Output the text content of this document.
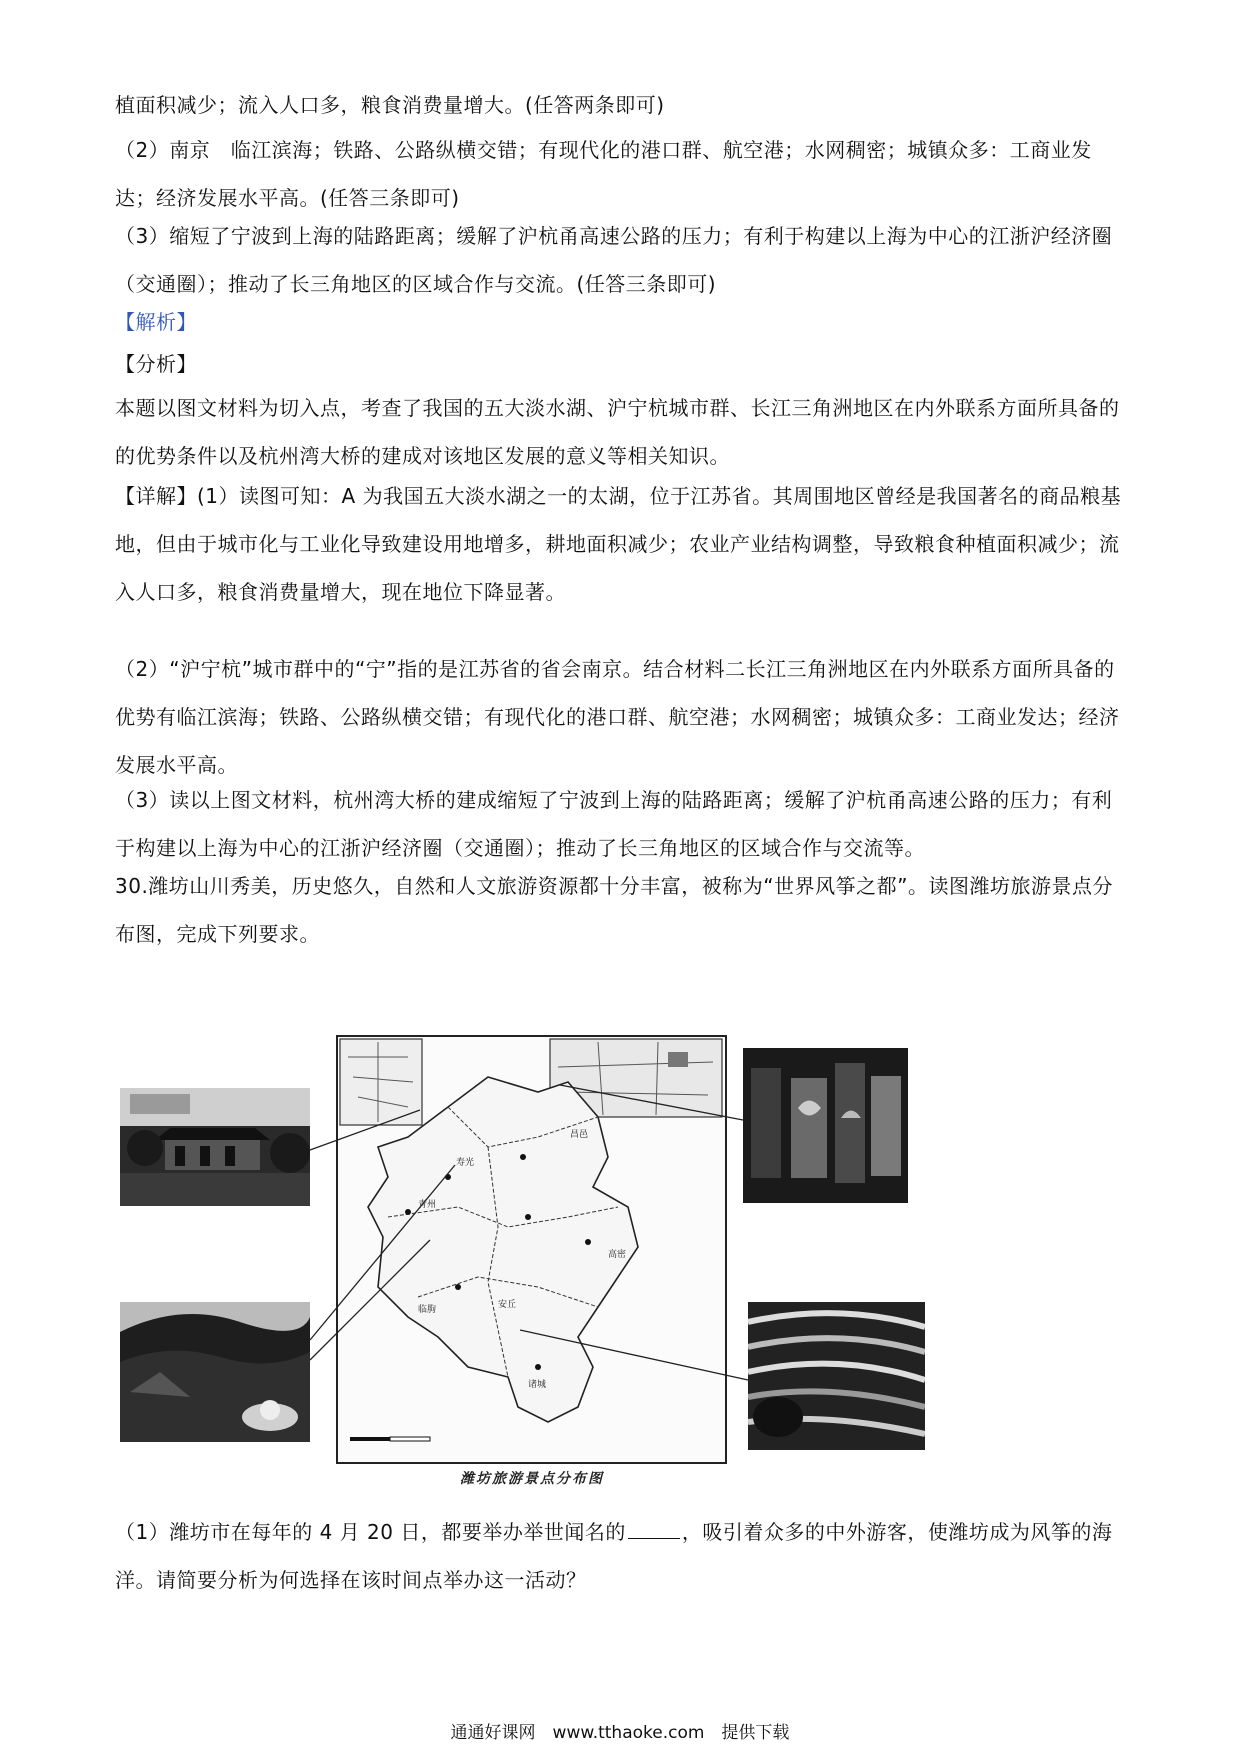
植面积减少；流入人口多，粮食消费量增大。(任答两条即可)
（2）南京　临江滨海；铁路、公路纵横交错；有现代化的港口群、航空港；水网稠密；城镇众多：工商业发达；经济发展水平高。(任答三条即可)
（3）缩短了宁波到上海的陆路距离；缓解了沪杭甬高速公路的压力；有利于构建以上海为中心的江浙沪经济圈（交通圈）；推动了长三角地区的区域合作与交流。(任答三条即可)
【解析】
【分析】
本题以图文材料为切入点，考查了我国的五大淡水湖、沪宁杭城市群、长江三角洲地区在内外联系方面所具备的的优势条件以及杭州湾大桥的建成对该地区发展的意义等相关知识。
【详解】(1）读图可知：A 为我国五大淡水湖之一的太湖，位于江苏省。其周围地区曾经是我国著名的商品粮基地，但由于城市化与工业化导致建设用地增多，耕地面积减少；农业产业结构调整，导致粮食种植面积减少；流入人口多，粮食消费量增大，现在地位下降显著。
（2）“沪宁杭”城市群中的“宁”指的是江苏省的省会南京。结合材料二长江三角洲地区在内外联系方面所具备的优势有临江滨海；铁路、公路纵横交错；有现代化的港口群、航空港；水网稠密；城镇众多：工商业发达；经济发展水平高。
（3）读以上图文材料，杭州湾大桥的建成缩短了宁波到上海的陆路距离；缓解了沪杭甬高速公路的压力；有利于构建以上海为中心的江浙沪经济圈（交通圈）；推动了长三角地区的区域合作与交流等。
30.潍坊山川秀美，历史悠久，自然和人文旅游资源都十分丰富，被称为“世界风筝之都”。读图潍坊旅游景点分布图，完成下列要求。
寿光
昌邑
青州
临朐	安丘
诸城
高密
潍坊旅游景点分布图
（1）潍坊市在每年的 4 月 20 日，都要举办举世闻名的	，吸引着众多的中外游客，使潍坊成为风筝的海洋。请简要分析为何选择在该时间点举办这一活动？
通通好课网　www.tthaoke.com　提供下载
